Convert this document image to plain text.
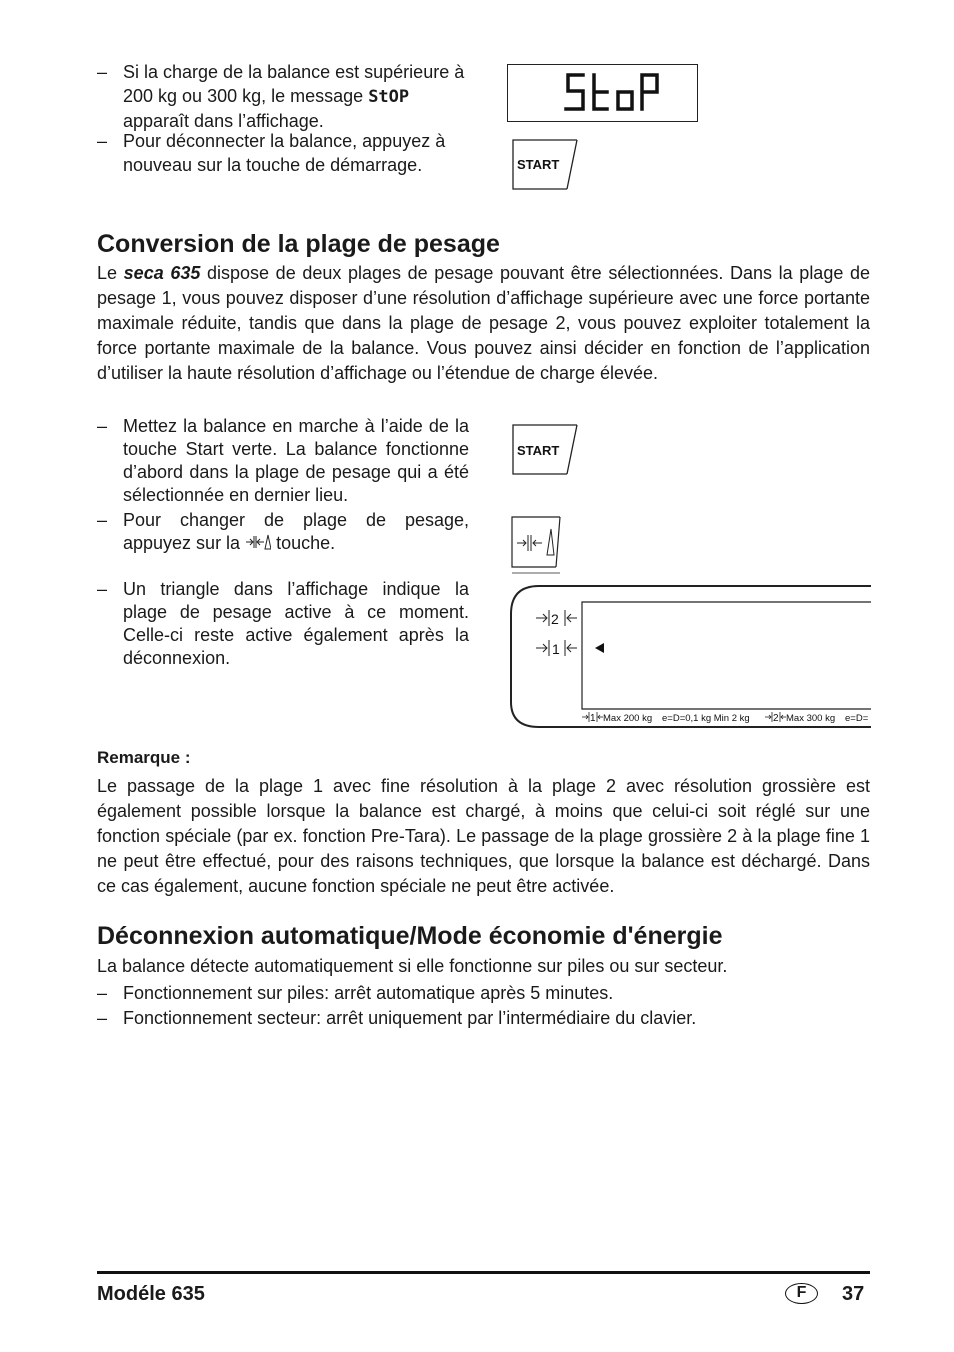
– Si la charge de la balance est supérieure à 200 kg ou 300 kg, le message StOP apparaît dans l’affichage.
– Pour déconnecter la balance, appuyez à nouveau sur la touche de démarrage.	START
Conversion de la plage de pesage
Le seca 635 dispose de deux plages de pesage pouvant être sélectionnées. Dans la plage de pesage 1, vous pouvez disposer d’une résolution d’affichage supérieure avec une force portante maximale réduite, tandis que dans la plage de pesage 2, vous pouvez exploiter totalement la force portante maximale de la balance. Vous pouvez ainsi décider en fonction de l’application d’utiliser la haute résolution d’affichage ou l’étendue de charge élevée.
– Mettez la balance en marche à l’aide de la touche Start verte. La balance fonctionne d’abord dans la plage de pesage qui a été sélectionnée en dernier lieu.
– Pour changer de plage de pesage, appuyez sur la touche.
– Un triangle dans l’affichage indique la plage de pesage active à ce moment. Celle-ci reste active également après la déconnexion.
START
2
1
1 Max 200 kg e=D=0,1 kg Min 2 kg 2 Max 300 kg e=D=
Remarque :
Le passage de la plage 1 avec fine résolution à la plage 2 avec résolution grossière est également possible lorsque la balance est chargé, à moins que celui-ci soit réglé sur une fonction spéciale (par ex. fonction Pre-Tara). Le passage de la plage grossière 2 à la plage fine 1 ne peut être effectué, pour des raisons techniques, que lorsque la balance est déchargé. Dans ce cas également, aucune fonction spéciale ne peut être activée.
Déconnexion automatique/Mode économie d'énergie
La balance détecte automatiquement si elle fonctionne sur piles ou sur secteur.
– Fonctionnement sur piles: arrêt automatique après 5 minutes.
– Fonctionnement secteur: arrêt uniquement par l’intermédiaire du clavier.
Modéle 635	F	37
